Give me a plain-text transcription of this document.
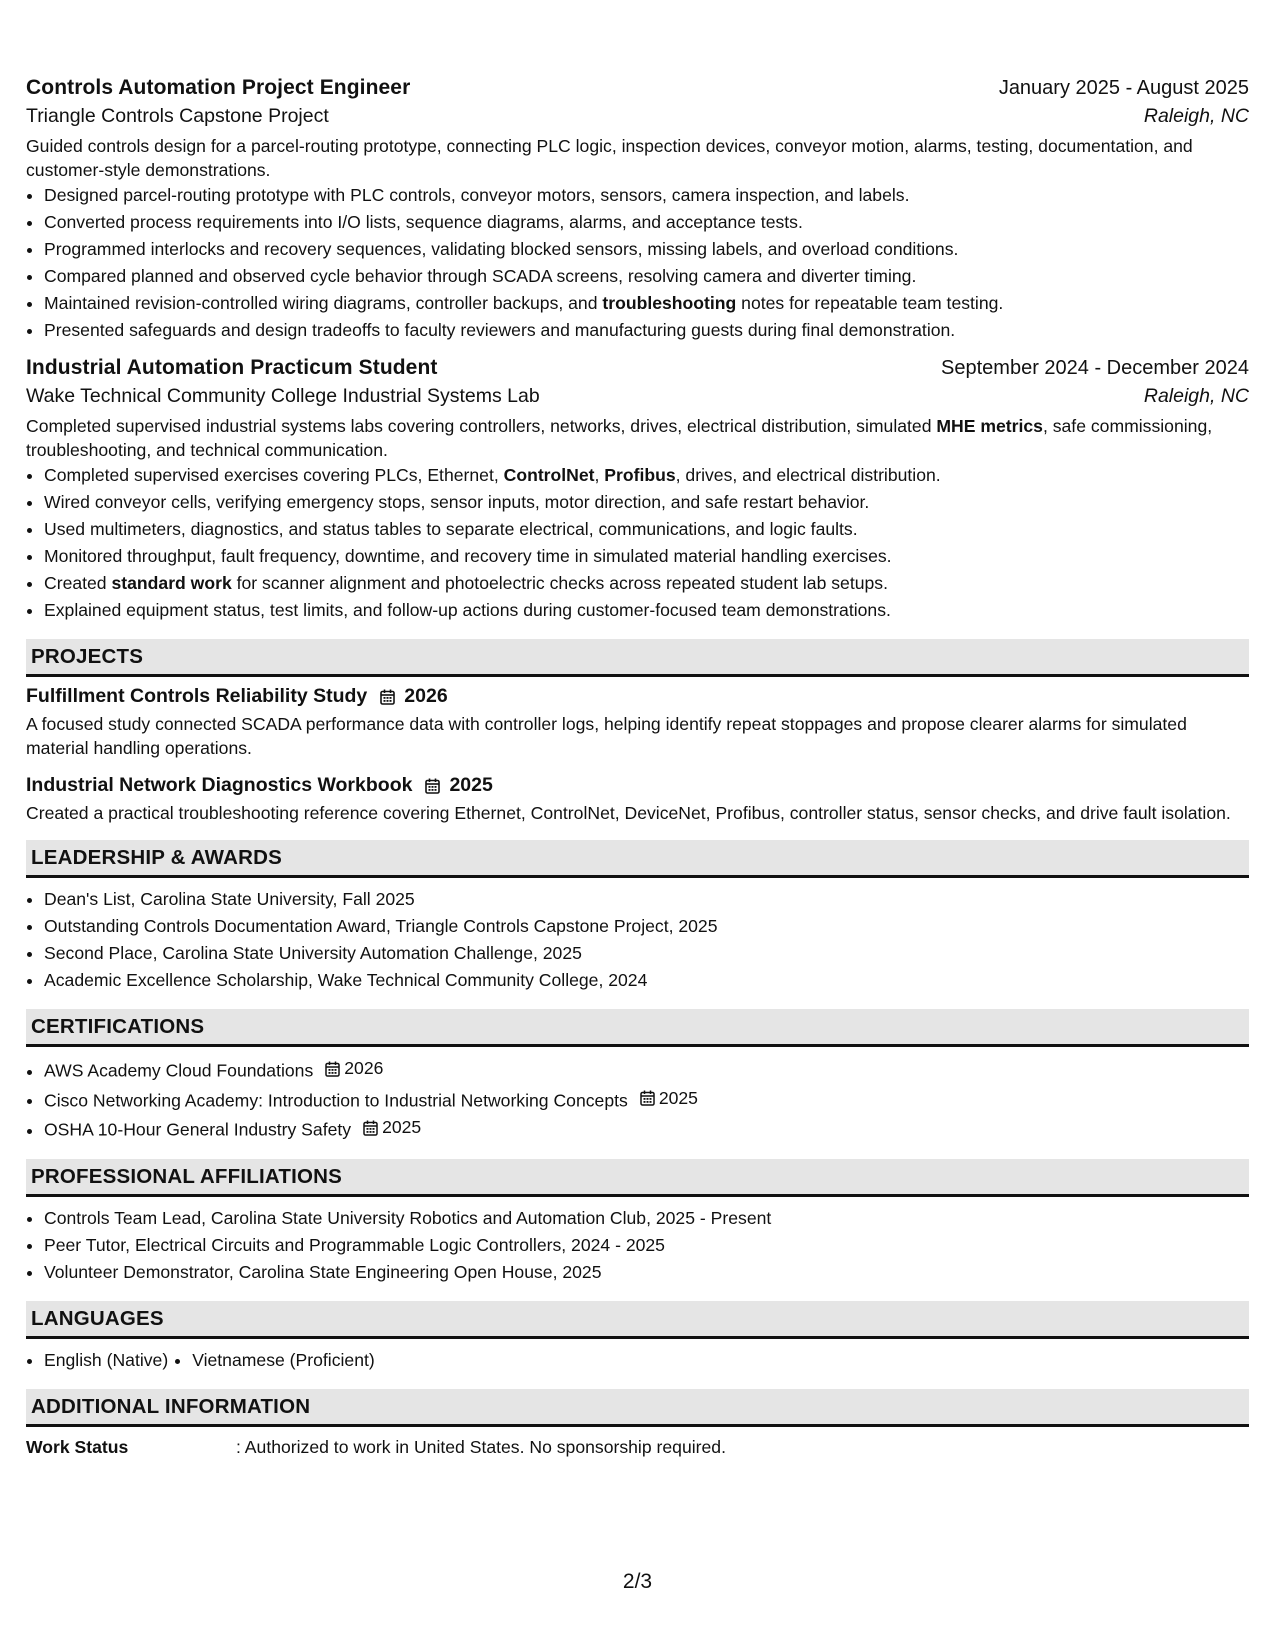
Controls Automation Project Engineer	January 2025 - August 2025
Triangle Controls Capstone Project	Raleigh, NC
Guided controls design for a parcel-routing prototype, connecting PLC logic, inspection devices, conveyor motion, alarms, testing, documentation, and customer-style demonstrations.
• Designed parcel-routing prototype with PLC controls, conveyor motors, sensors, camera inspection, and labels.
• Converted process requirements into I/O lists, sequence diagrams, alarms, and acceptance tests.
• Programmed interlocks and recovery sequences, validating blocked sensors, missing labels, and overload conditions.
• Compared planned and observed cycle behavior through SCADA screens, resolving camera and diverter timing.
• Maintained revision-controlled wiring diagrams, controller backups, and troubleshooting notes for repeatable team testing.
• Presented safeguards and design tradeoffs to faculty reviewers and manufacturing guests during final demonstration.
Industrial Automation Practicum Student	September 2024 - December 2024
Wake Technical Community College Industrial Systems Lab	Raleigh, NC
Completed supervised industrial systems labs covering controllers, networks, drives, electrical distribution, simulated MHE metrics, safe commissioning, troubleshooting, and technical communication.
• Completed supervised exercises covering PLCs, Ethernet, ControlNet, Profibus, drives, and electrical distribution.
• Wired conveyor cells, verifying emergency stops, sensor inputs, motor direction, and safe restart behavior.
• Used multimeters, diagnostics, and status tables to separate electrical, communications, and logic faults.
• Monitored throughput, fault frequency, downtime, and recovery time in simulated material handling exercises.
• Created standard work for scanner alignment and photoelectric checks across repeated student lab setups.
• Explained equipment status, test limits, and follow-up actions during customer-focused team demonstrations.
PROJECTS
Fulfillment Controls Reliability Study 2026
A focused study connected SCADA performance data with controller logs, helping identify repeat stoppages and propose clearer alarms for simulated material handling operations.
Industrial Network Diagnostics Workbook 2025
Created a practical troubleshooting reference covering Ethernet, ControlNet, DeviceNet, Profibus, controller status, sensor checks, and drive fault isolation.
LEADERSHIP & AWARDS
• Dean's List, Carolina State University, Fall 2025
• Outstanding Controls Documentation Award, Triangle Controls Capstone Project, 2025
• Second Place, Carolina State University Automation Challenge, 2025
• Academic Excellence Scholarship, Wake Technical Community College, 2024
CERTIFICATIONS
• AWS Academy Cloud Foundations 2026
• Cisco Networking Academy: Introduction to Industrial Networking Concepts 2025
• OSHA 10-Hour General Industry Safety 2025
PROFESSIONAL AFFILIATIONS
• Controls Team Lead, Carolina State University Robotics and Automation Club, 2025 - Present
• Peer Tutor, Electrical Circuits and Programmable Logic Controllers, 2024 - 2025
• Volunteer Demonstrator, Carolina State Engineering Open House, 2025
LANGUAGES
• English (Native)
• Vietnamese (Proficient)
ADDITIONAL INFORMATION
Work Status	: Authorized to work in United States. No sponsorship required.
2/3
